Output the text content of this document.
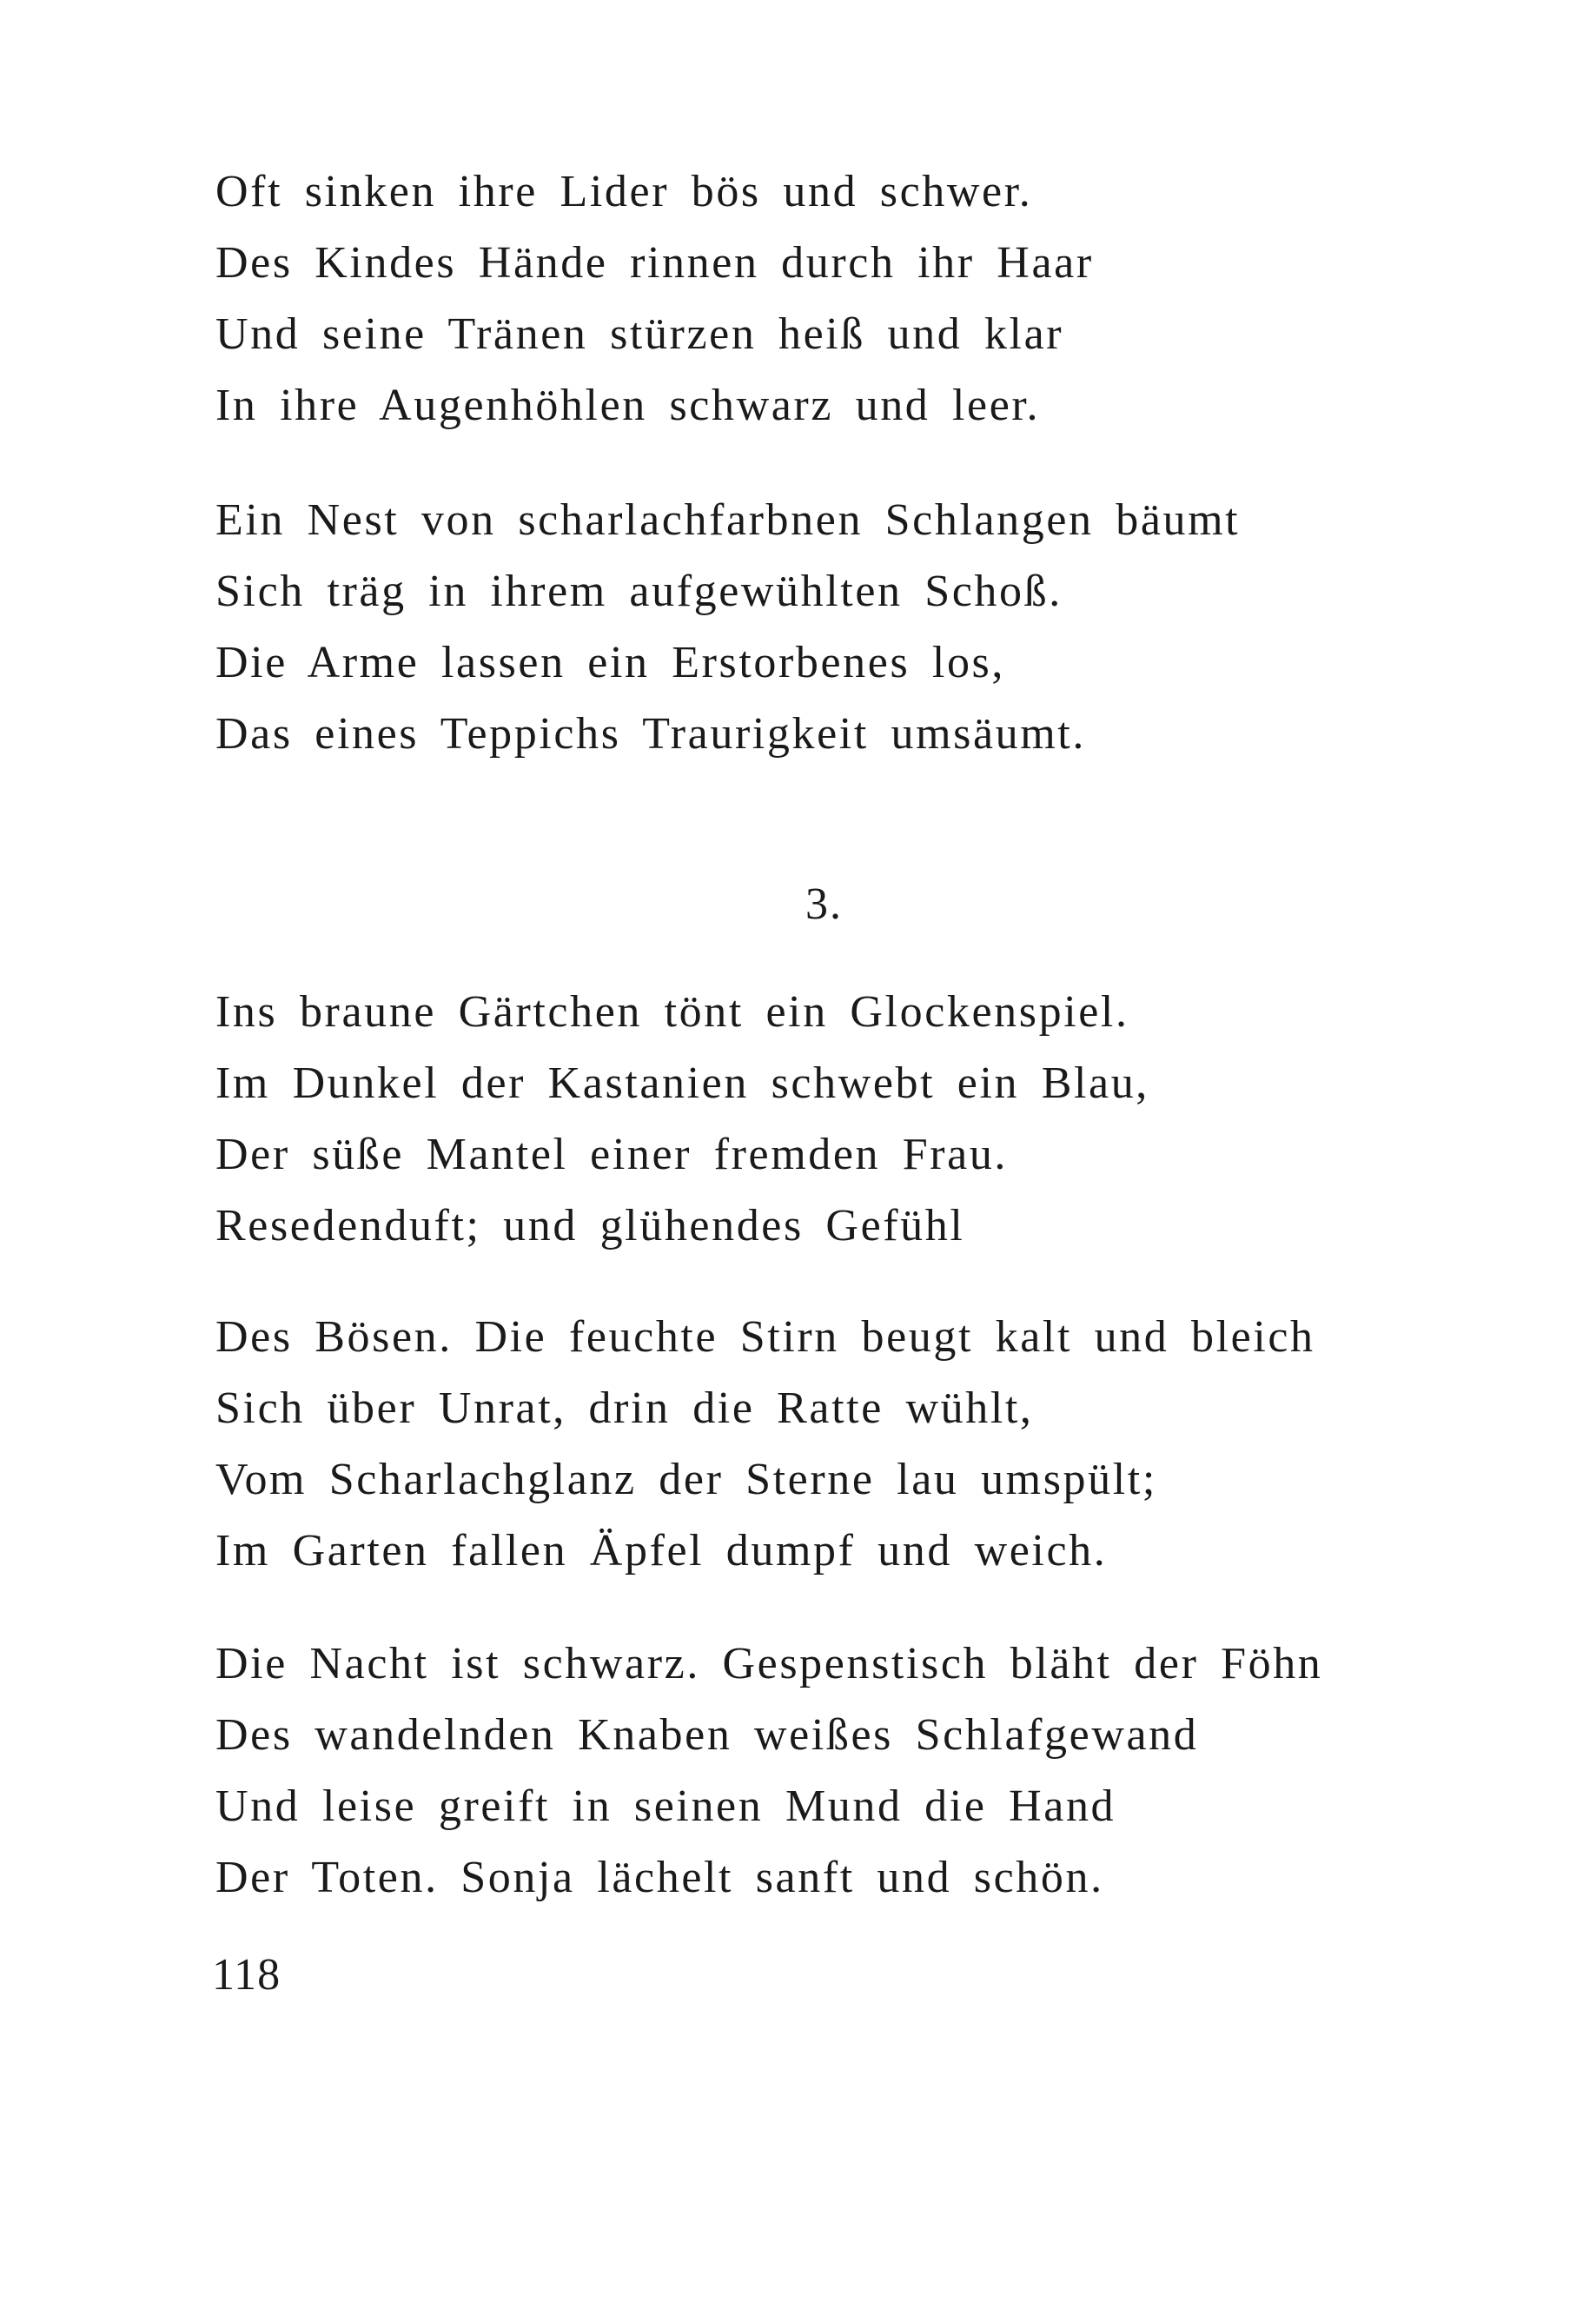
Oft sinken ihre Lider bös und schwer.
Des Kindes Hände rinnen durch ihr Haar
Und seine Tränen stürzen heiß und klar
In ihre Augenhöhlen schwarz und leer.
Ein Nest von scharlachfarbnen Schlangen bäumt
Sich träg in ihrem aufgewühlten Schoß.
Die Arme lassen ein Erstorbenes los,
Das eines Teppichs Traurigkeit umsäumt.
3.
Ins braune Gärtchen tönt ein Glockenspiel.
Im Dunkel der Kastanien schwebt ein Blau,
Der süße Mantel einer fremden Frau.
Resedenduft; und glühendes Gefühl
Des Bösen. Die feuchte Stirn beugt kalt und bleich
Sich über Unrat, drin die Ratte wühlt,
Vom Scharlachglanz der Sterne lau umspült;
Im Garten fallen Äpfel dumpf und weich.
Die Nacht ist schwarz. Gespenstisch bläht der Föhn
Des wandelnden Knaben weißes Schlafgewand
Und leise greift in seinen Mund die Hand
Der Toten. Sonja lächelt sanft und schön.
118
